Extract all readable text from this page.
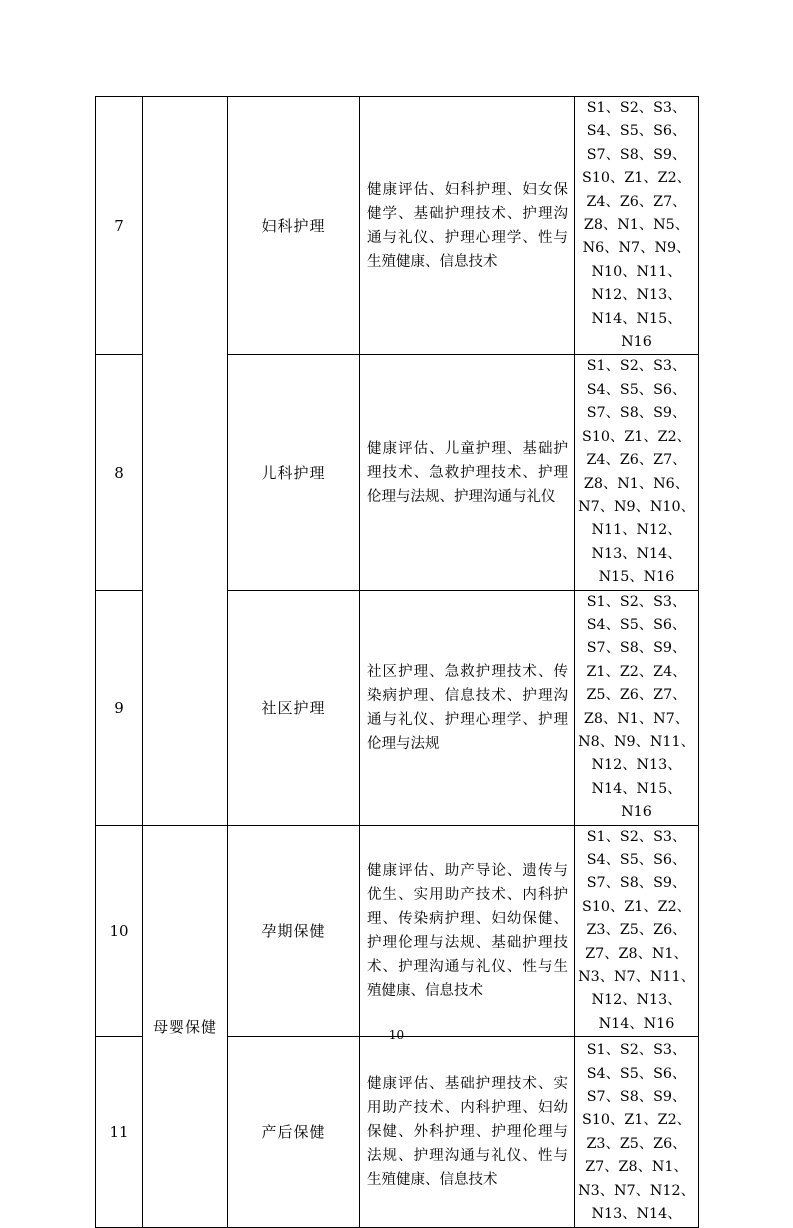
7		妇科护理	健康评估、妇科护理、妇女保健学、基础护理技术、护理沟通与礼仪、护理心理学、性与生殖健康、信息技术	S1、S2、S3、S4、S5、S6、S7、S8、S9、S10、Z1、Z2、Z4、Z6、Z7、Z8、N1、N5、N6、N7、N9、N10、N11、N12、N13、N14、N15、N16
8		儿科护理	健康评估、儿童护理、基础护理技术、急救护理技术、护理伦理与法规、护理沟通与礼仪	S1、S2、S3、S4、S5、S6、S7、S8、S9、S10、Z1、Z2、Z4、Z6、Z7、Z8、N1、N6、N7、N9、N10、N11、N12、N13、N14、N15、N16
9		社区护理	社区护理、急救护理技术、传染病护理、信息技术、护理沟通与礼仪、护理心理学、护理伦理与法规	S1、S2、S3、S4、S5、S6、S7、S8、S9、Z1、Z2、Z4、Z5、Z6、Z7、Z8、N1、N7、N8、N9、N11、N12、N13、N14、N15、N16
10	母婴保健	孕期保健	健康评估、助产导论、遗传与优生、实用助产技术、内科护理、传染病护理、妇幼保健、护理伦理与法规、基础护理技术、护理沟通与礼仪、性与生殖健康、信息技术	S1、S2、S3、S4、S5、S6、S7、S8、S9、S10、Z1、Z2、Z3、Z5、Z6、Z7、Z8、N1、N3、N7、N11、N12、N13、N14、N16
11		产后保健	健康评估、基础护理技术、实用助产技术、内科护理、妇幼保健、外科护理、护理伦理与法规、护理沟通与礼仪、性与生殖健康、信息技术	S1、S2、S3、S4、S5、S6、S7、S8、S9、S10、Z1、Z2、Z3、Z5、Z6、Z7、Z8、N1、N3、N7、N12、N13、N14、
10
